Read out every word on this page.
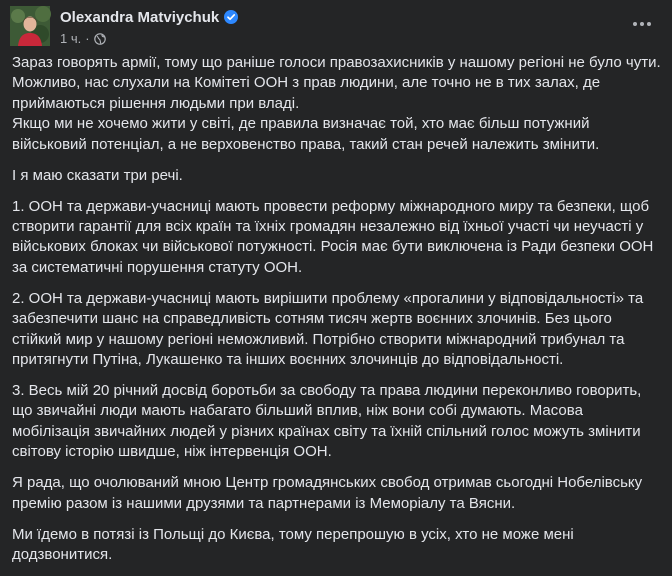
Olexandra Matviychuk
1 ч. ·

Зараз говорять армії, тому що раніше голоси правозахисників у нашому регіоні не було чути.
Можливо, нас слухали на Комітеті ООН з прав людини, але точно не в тих залах, де
приймаються рішення людьми при владі.
Якщо ми не хочемо жити у світі, де правила визначає той, хто має більш потужний
військовий потенціал, а не верховенство права, такий стан речей належить змінити.

І я маю сказати три речі.

1. ООН та держави-учасниці мають провести реформу міжнародного миру та безпеки, щоб
створити гарантії для всіх країн та їхніх громадян незалежно від їхньої участі чи неучасті у
військових блоках чи військової потужності. Росія має бути виключена із Ради безпеки ООН
за систематичні порушення статуту ООН.

2. ООН та держави-учасниці мають вирішити проблему «прогалини у відповідальності» та
забезпечити шанс на справедливість сотням тисяч жертв воєнних злочинів. Без цього
стійкий мир у нашому регіоні неможливий. Потрібно створити міжнародний трибунал та
притягнути Путіна, Лукашенко та інших воєнних злочинців до відповідальності.

3. Весь мій 20 річний досвід боротьби за свободу та права людини переконливо говорить,
що звичайні люди мають набагато більший вплив, ніж вони собі думають. Масова
мобілізація звичайних людей у різних країнах світу та їхній спільний голос можуть змінити
світову історію швидше, ніж інтервенція ООН.

Я рада, що очолюваний мною Центр громадянських свобод отримав сьогодні Нобелівську
премію разом із нашими друзями та партнерами із Меморіалу та Вясни.

Ми їдемо в потязі із Польщі до Києва, тому перепрошую в усіх, хто не може мені
додзвонитися.
